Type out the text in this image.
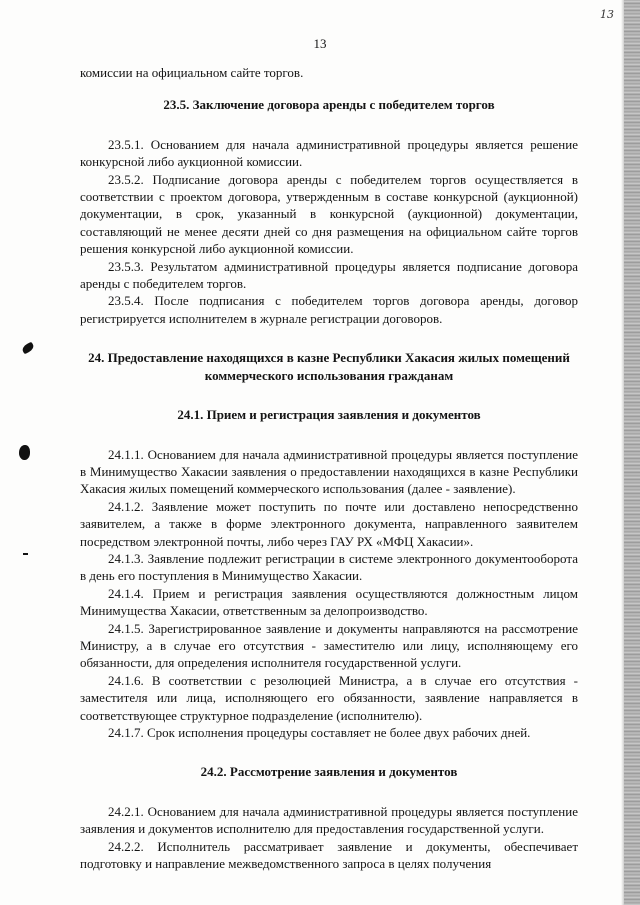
13
13

комиссии на официальном сайте торгов.

23.5. Заключение договора аренды с победителем торгов

23.5.1. Основанием для начала административной процедуры является решение конкурсной либо аукционной комиссии.

23.5.2. Подписание договора аренды с победителем торгов осуществляется в соответствии с проектом договора, утвержденным в составе конкурсной (аукционной) документации, в срок, указанный в конкурсной (аукционной) документации, составляющий не менее десяти дней со дня размещения на официальном сайте торгов решения конкурсной либо аукционной комиссии.

23.5.3. Результатом административной процедуры является подписание договора аренды с победителем торгов.

23.5.4. После подписания с победителем торгов договора аренды, договор регистрируется исполнителем в журнале регистрации договоров.

24. Предоставление находящихся в казне Республики Хакасия жилых помещений коммерческого использования гражданам

24.1. Прием и регистрация заявления и документов

24.1.1. Основанием для начала административной процедуры является поступление в Минимущество Хакасии заявления о предоставлении находящихся в казне Республики Хакасия жилых помещений коммерческого использования (далее - заявление).

24.1.2. Заявление может поступить по почте или доставлено непосредственно заявителем, а также в форме электронного документа, направленного заявителем посредством электронной почты, либо через ГАУ РХ «МФЦ Хакасии».

24.1.3. Заявление подлежит регистрации в системе электронного документооборота в день его поступления в Минимущество Хакасии.

24.1.4. Прием и регистрация заявления осуществляются должностным лицом Минимущества Хакасии, ответственным за делопроизводство.

24.1.5. Зарегистрированное заявление и документы направляются на рассмотрение Министру, а в случае его отсутствия - заместителю или лицу, исполняющему его обязанности, для определения исполнителя государственной услуги.

24.1.6. В соответствии с резолюцией Министра, а в случае его отсутствия - заместителя или лица, исполняющего его обязанности, заявление направляется в соответствующее структурное подразделение (исполнителю).

24.1.7. Срок исполнения процедуры составляет не более двух рабочих дней.

24.2. Рассмотрение заявления и документов

24.2.1. Основанием для начала административной процедуры является поступление заявления и документов исполнителю для предоставления государственной услуги.

24.2.2. Исполнитель рассматривает заявление и документы, обеспечивает подготовку и направление межведомственного запроса в целях получения
